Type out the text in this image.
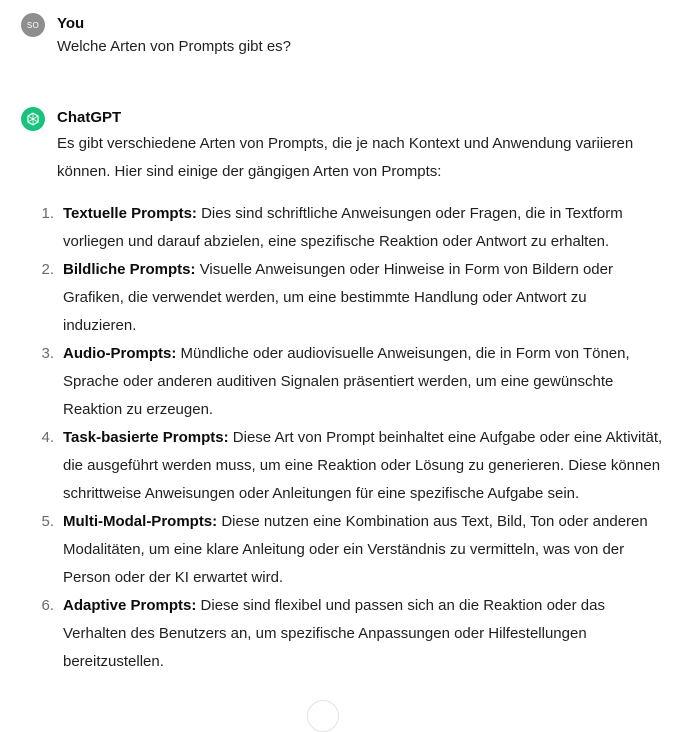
SO You
Welche Arten von Prompts gibt es?
ChatGPT

Es gibt verschiedene Arten von Prompts, die je nach Kontext und Anwendung variieren können. Hier sind einige der gängigen Arten von Prompts:

1. Textuelle Prompts: Dies sind schriftliche Anweisungen oder Fragen, die in Textform vorliegen und darauf abzielen, eine spezifische Reaktion oder Antwort zu erhalten.
2. Bildliche Prompts: Visuelle Anweisungen oder Hinweise in Form von Bildern oder Grafiken, die verwendet werden, um eine bestimmte Handlung oder Antwort zu induzieren.
3. Audio-Prompts: Mündliche oder audiovisuelle Anweisungen, die in Form von Tönen, Sprache oder anderen auditiven Signalen präsentiert werden, um eine gewünschte Reaktion zu erzeugen.
4. Task-basierte Prompts: Diese Art von Prompt beinhaltet eine Aufgabe oder eine Aktivität, die ausgeführt werden muss, um eine Reaktion oder Lösung zu generieren. Diese können schrittweise Anweisungen oder Anleitungen für eine spezifische Aufgabe sein.
5. Multi-Modal-Prompts: Diese nutzen eine Kombination aus Text, Bild, Ton oder anderen Modalitäten, um eine klare Anleitung oder ein Verständnis zu vermitteln, was von der Person oder der KI erwartet wird.
6. Adaptive Prompts: Diese sind flexibel und passen sich an die Reaktion oder das Verhalten des Benutzers an, um spezifische Anpassungen oder Hilfestellungen bereitzustellen.
